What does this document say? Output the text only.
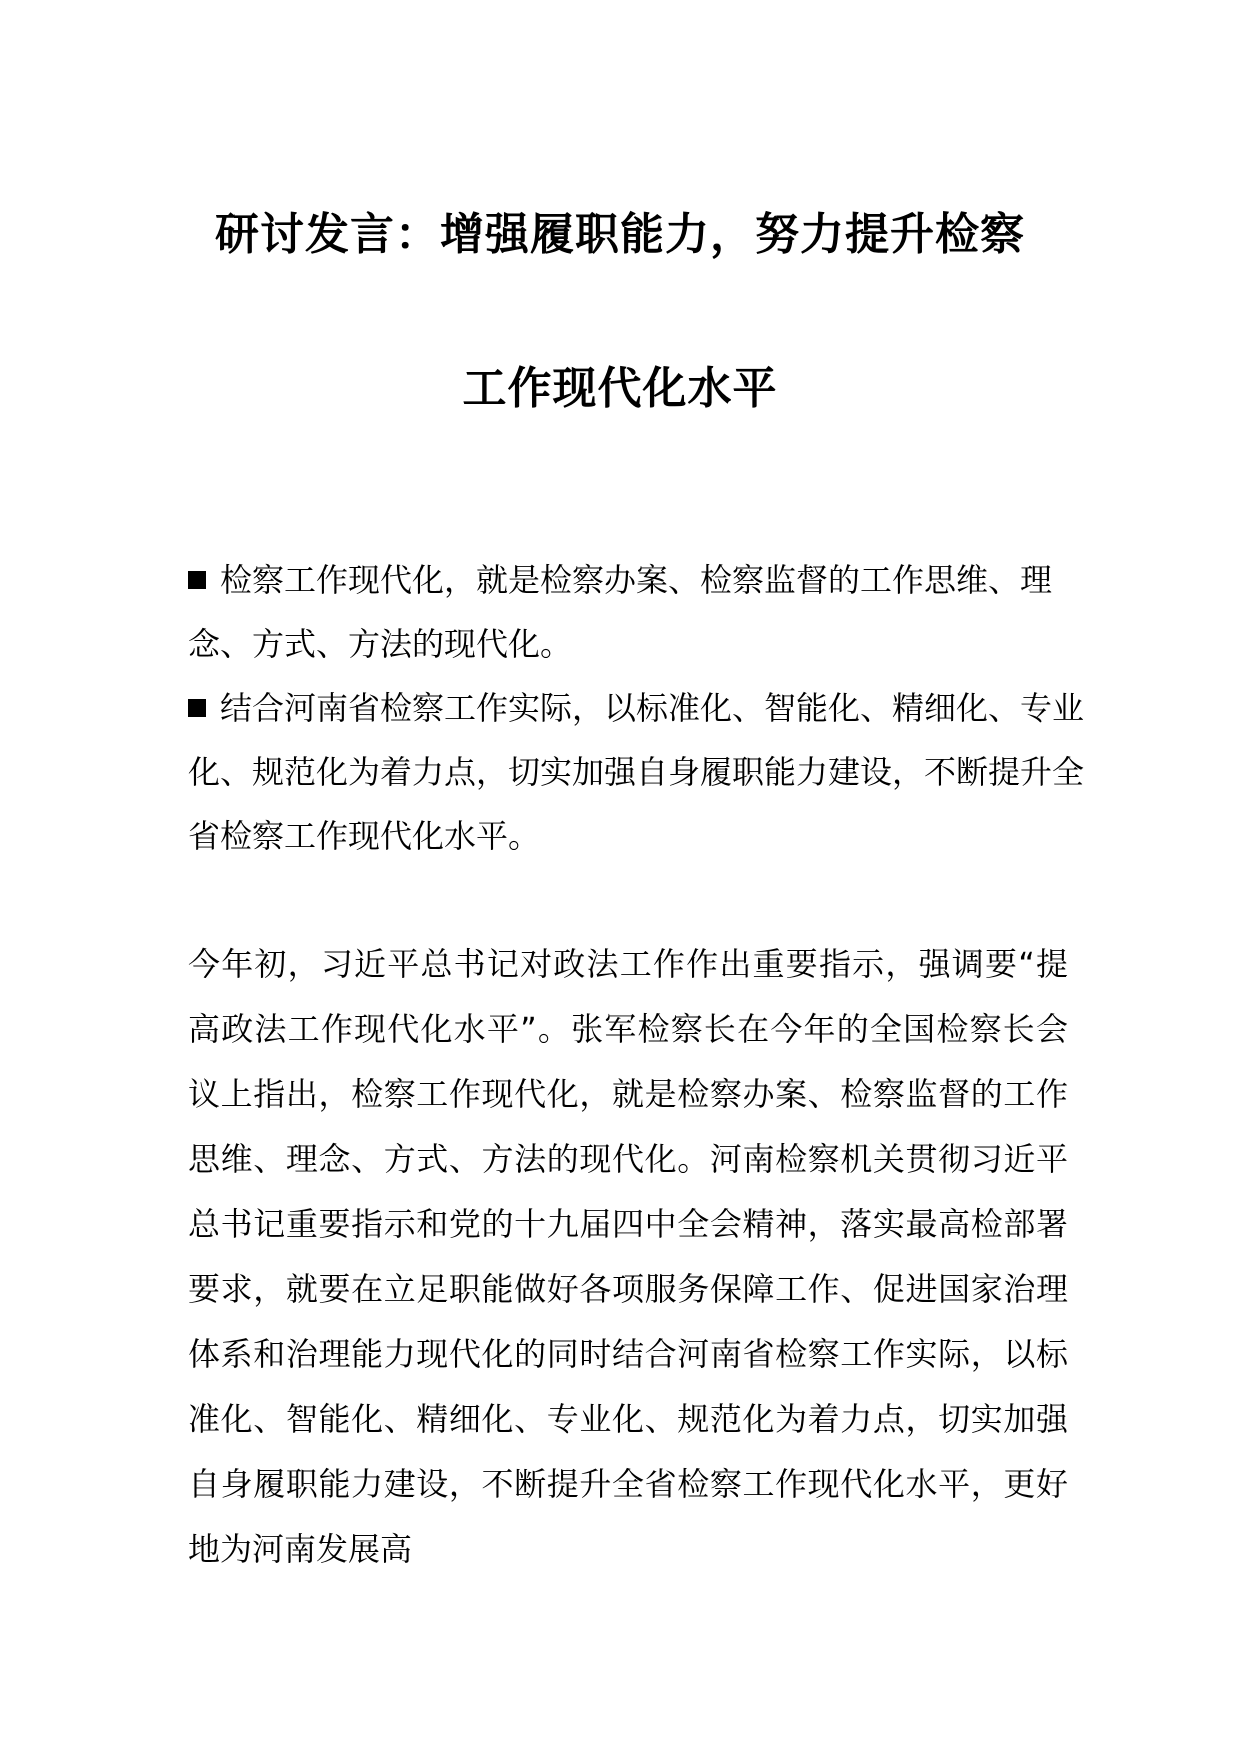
研讨发言：增强履职能力，努力提升检察
工作现代化水平

检察工作现代化，就是检察办案、检察监督的工作思维、理念、方式、方法的现代化。

结合河南省检察工作实际，以标准化、智能化、精细化、专业化、规范化为着力点，切实加强自身履职能力建设，不断提升全省检察工作现代化水平。

今年初，习近平总书记对政法工作作出重要指示，强调要“提高政法工作现代化水平”。张军检察长在今年的全国检察长会议上指出，检察工作现代化，就是检察办案、检察监督的工作思维、理念、方式、方法的现代化。河南检察机关贯彻习近平总书记重要指示和党的十九届四中全会精神，落实最高检部署要求，就要在立足职能做好各项服务保障工作、促进国家治理体系和治理能力现代化的同时结合河南省检察工作实际，以标准化、智能化、精细化、专业化、规范化为着力点，切实加强自身履职能力建设，不断提升全省检察工作现代化水平，更好地为河南发展高
